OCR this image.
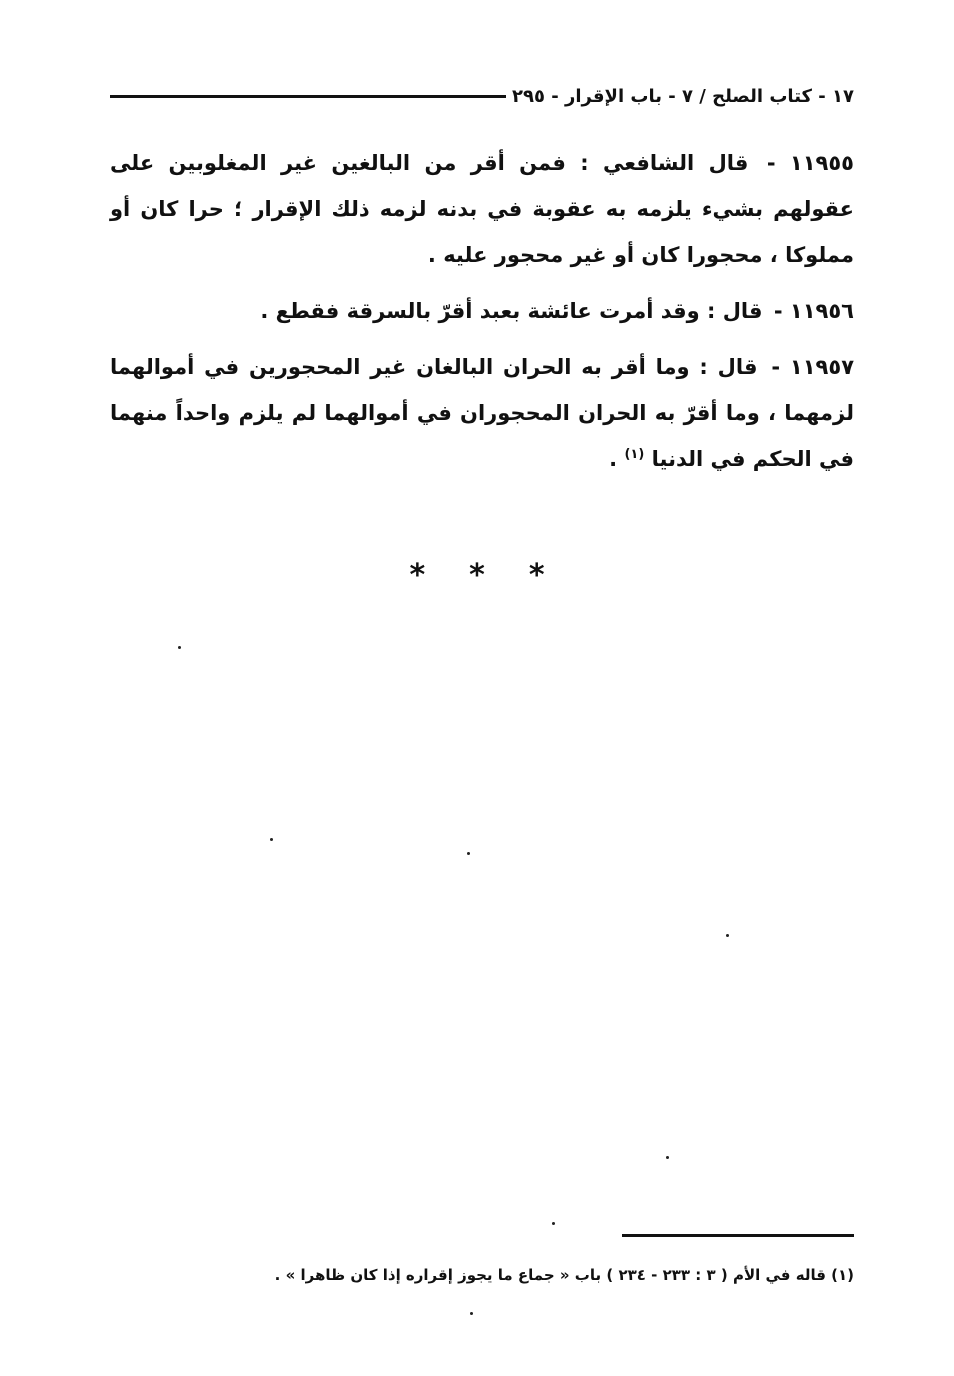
١٧ - كتاب الصلح / ٧ - باب الإقرار - ٢٩٥

١١٩٥٥ - قال الشافعي : فمن أقر من البالغين غير المغلوبين على عقولهم بشيء يلزمه به عقوبة في بدنه لزمه ذلك الإقرار ؛ حرا كان أو مملوكا ، محجورا كان أو غير محجور عليه .

١١٩٥٦ - قال : وقد أمرت عائشة بعبد أقرّ بالسرقة فقطع .

١١٩٥٧ - قال : وما أقر به الحران البالغان غير المحجورين في أموالهما لزمهما ، وما أقرّ به الحران المحجوران في أموالهما لم يلزم واحداً منهما في الحكم في الدنيا $^{(١)}$ .

*
*
*
(١) قاله في الأم ( ٣ : ٢٣٣ - ٢٣٤ ) باب « جماع ما يجوز إقراره إذا كان ظاهرا » .
